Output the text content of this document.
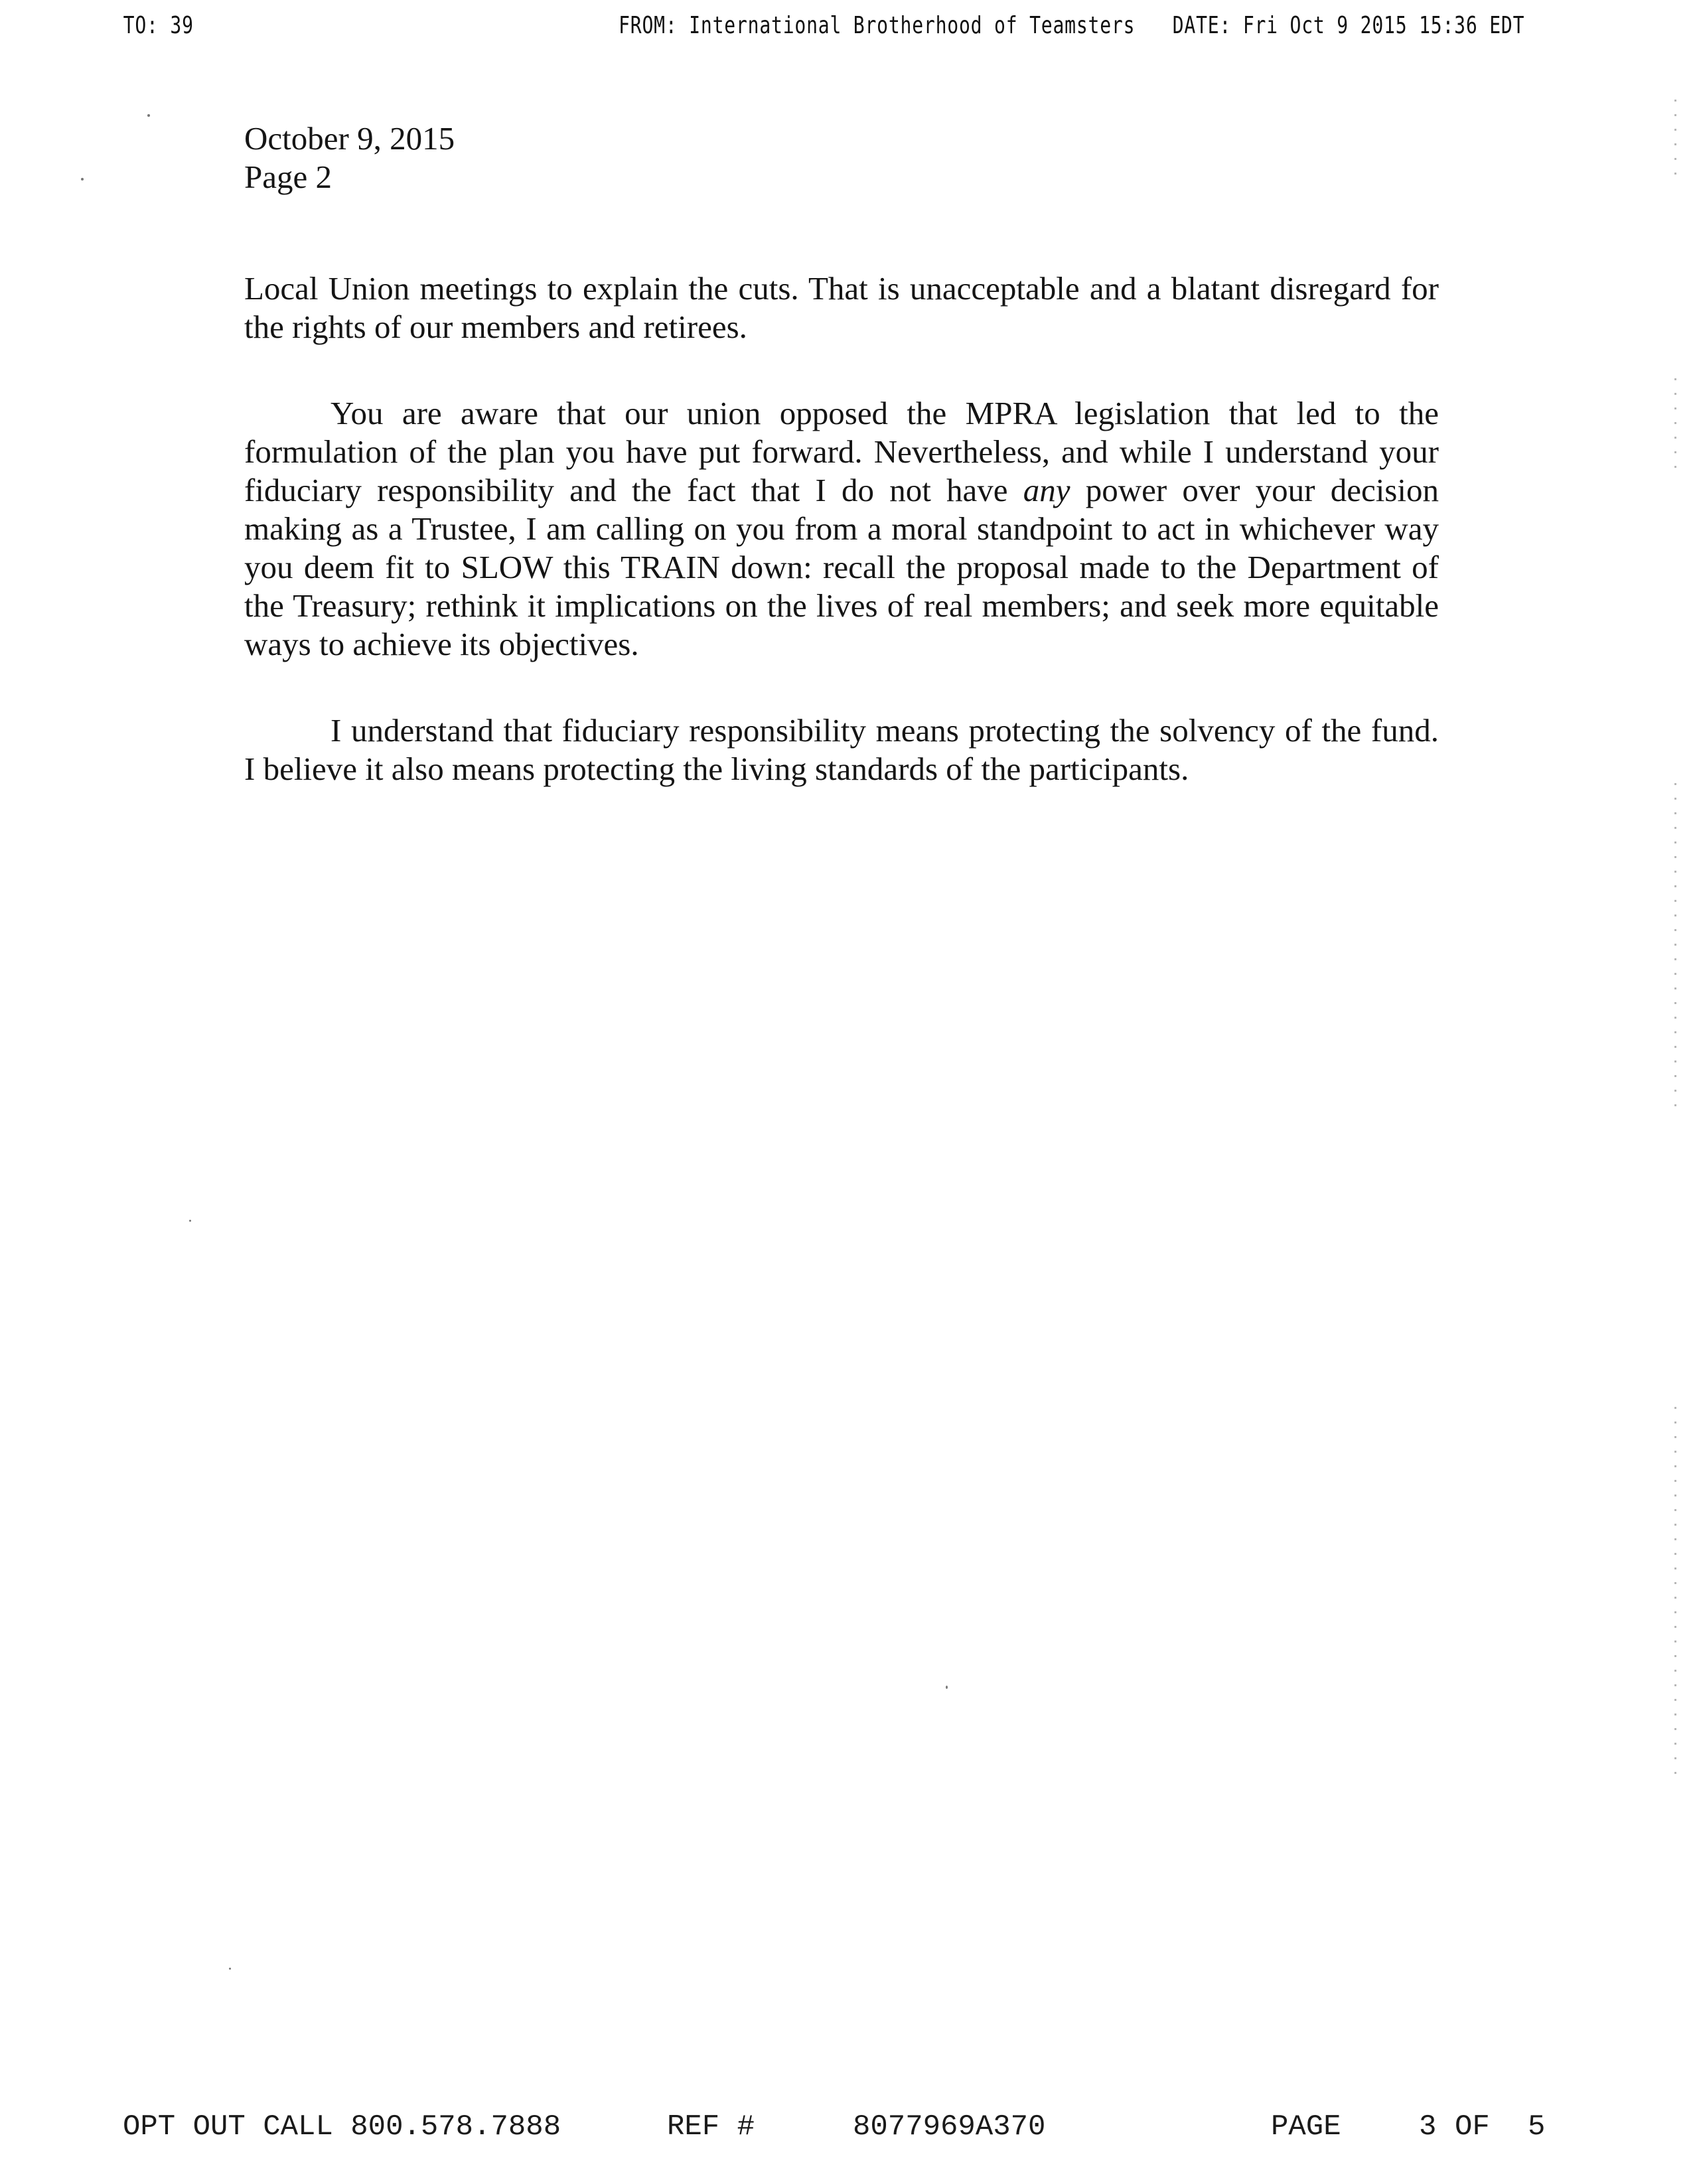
TO: 39	FROM: International Brotherhood of Teamsters DATE: Fri Oct 9 2015 15:36 EDT
October 9, 2015
Page 2

Local Union meetings to explain the cuts. That is unacceptable and a blatant disregard for the rights of our members and retirees.

You are aware that our union opposed the MPRA legislation that led to the formulation of the plan you have put forward. Nevertheless, and while I understand your fiduciary responsibility and the fact that I do not have any power over your decision making as a Trustee, I am calling on you from a moral standpoint to act in whichever way you deem fit to SLOW this TRAIN down: recall the proposal made to the Department of the Treasury; rethink it implications on the lives of real members; and seek more equitable ways to achieve its objectives.

I understand that fiduciary responsibility means protecting the solvency of the fund. I believe it also means protecting the living standards of the participants.

OPT OUT CALL 800.578.7888	REF #	8077969A370	PAGE	3 OF 5
